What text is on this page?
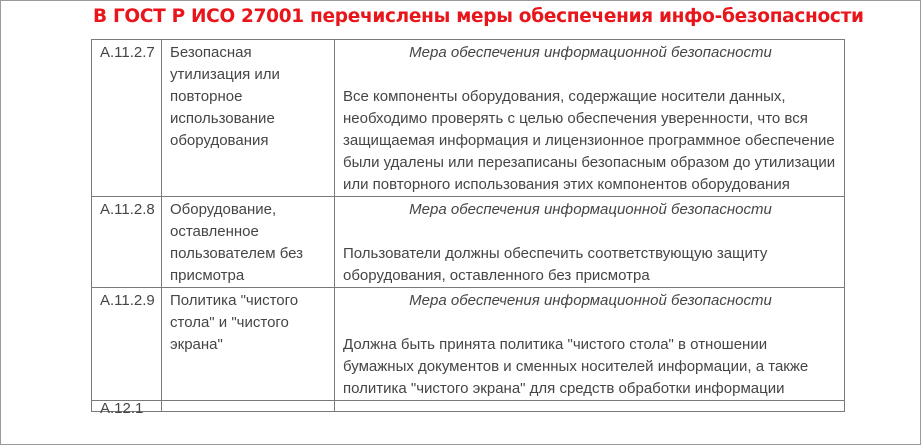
В ГОСТ Р ИСО 27001 перечислены меры обеспечения инфо-безопасности
A.11.2.7	Безопасная утилизация или повторное использование оборудования	Мера обеспечения информационной безопасности
Все компоненты оборудования, содержащие носители данных, необходимо проверять с целью обеспечения уверенности, что вся защищаемая информация и лицензионное программное обеспечение были удалены или перезаписаны безопасным образом до утилизации или повторного использования этих компонентов оборудования

A.11.2.8	Оборудование, оставленное пользователем без присмотра	Мера обеспечения информационной безопасности
Пользователи должны обеспечить соответствующую защиту оборудования, оставленного без присмотра

A.11.2.9	Политика "чистого стола" и "чистого экрана"	Мера обеспечения информационной безопасности
Должна быть принята политика "чистого стола" в отношении бумажных документов и сменных носителей информации, а также политика "чистого экрана" для средств обработки информации

A.12.1		
